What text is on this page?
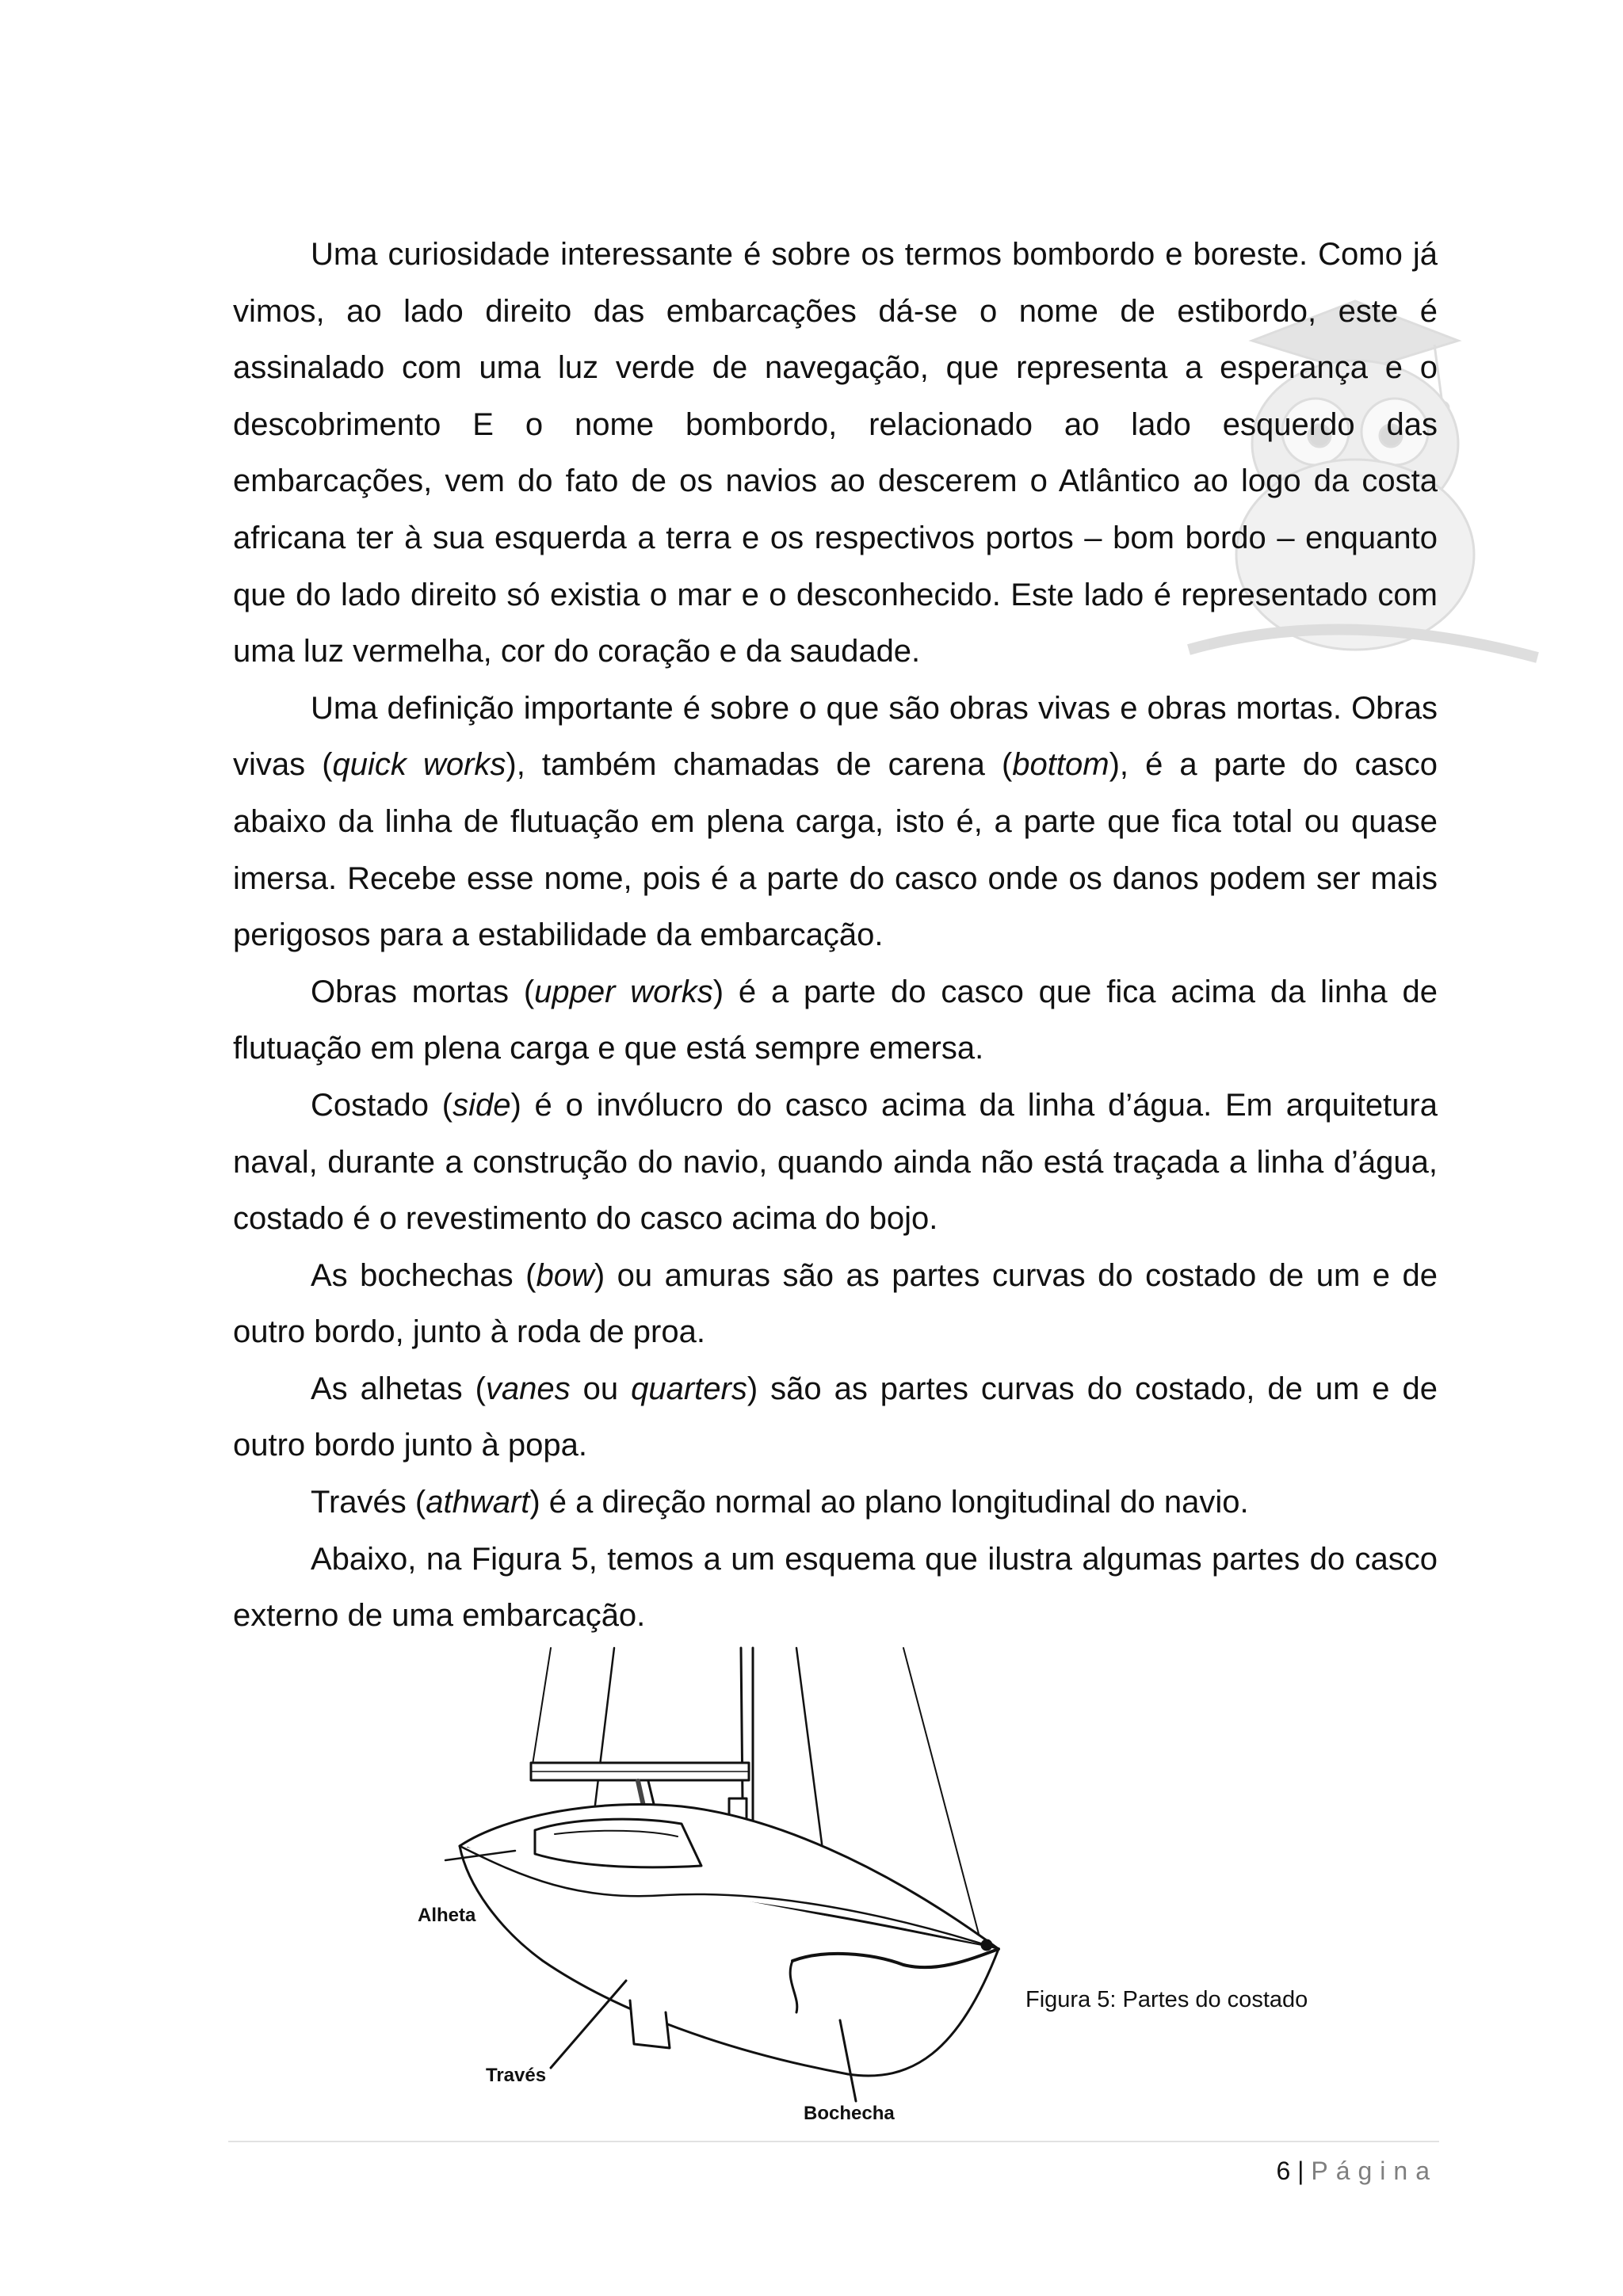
Uma curiosidade interessante é sobre os termos bombordo e boreste. Como já vimos, ao lado direito das embarcações dá-se o nome de estibordo, este é assinalado com uma luz verde de navegação, que representa a esperança e o descobrimento E o nome bombordo, relacionado ao lado esquerdo das embarcações, vem do fato de os navios ao descerem o Atlântico ao logo da costa africana ter à sua esquerda a terra e os respectivos portos – bom bordo – enquanto que do lado direito só existia o mar e o desconhecido. Este lado é representado com uma luz vermelha, cor do coração e da saudade.

Uma definição importante é sobre o que são obras vivas e obras mortas. Obras vivas (quick works), também chamadas de carena (bottom), é a parte do casco abaixo da linha de flutuação em plena carga, isto é, a parte que fica total ou quase imersa. Recebe esse nome, pois é a parte do casco onde os danos podem ser mais perigosos para a estabilidade da embarcação.

Obras mortas (upper works) é a parte do casco que fica acima da linha de flutuação em plena carga e que está sempre emersa.

Costado (side) é o invólucro do casco acima da linha d’água. Em arquitetura naval, durante a construção do navio, quando ainda não está traçada a linha d’água, costado é o revestimento do casco acima do bojo.

As bochechas (bow) ou amuras são as partes curvas do costado de um e de outro bordo, junto à roda de proa.

As alhetas (vanes ou quarters) são as partes curvas do costado, de um e de outro bordo junto à popa.

Través (athwart) é a direção normal ao plano longitudinal do navio.

Abaixo, na Figura 5, temos a um esquema que ilustra algumas partes do casco externo de uma embarcação.

Alheta
Través
Bochecha
Figura 5: Partes do costado
6 | Página
